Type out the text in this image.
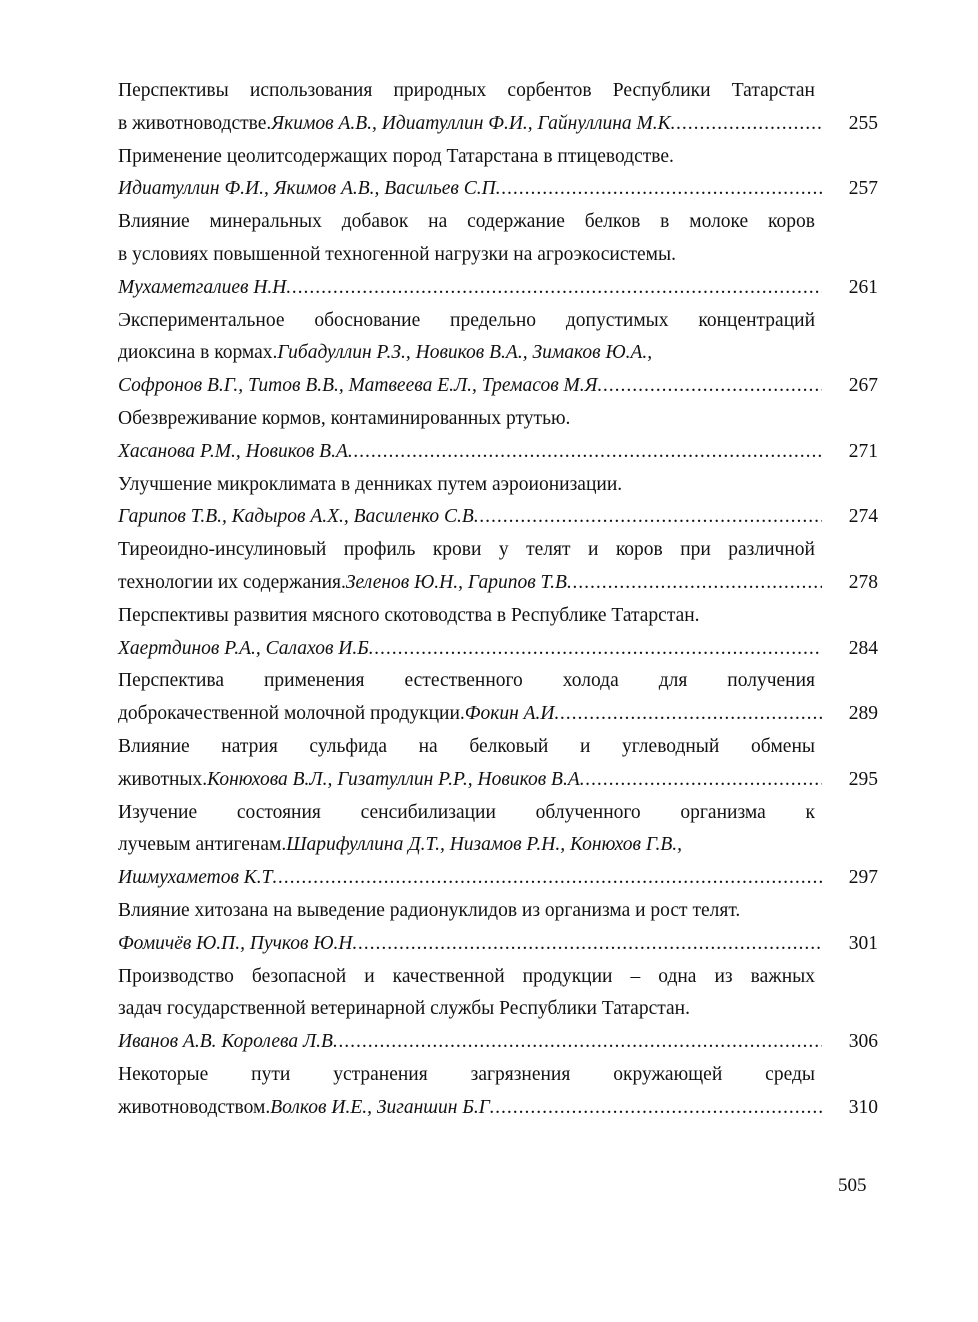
Перспективы использования природных сорбентов Республики Татарстан
в животноводстве. Якимов А.В., Идиатуллин Ф.И., Гайнуллина М.К .....	255
Применение цеолитсодержащих пород Татарстана в птицеводстве.
Идиатуллин Ф.И., Якимов А.В., Васильев С.П .....	257
Влияние минеральных добавок на содержание белков в молоке коров
в условиях повышенной техногенной нагрузки на агроэкосистемы.
Мухаметгалиев Н.Н .....	261
Экспериментальное обоснование предельно допустимых концентраций
диоксина в кормах. Гибадуллин Р.З., Новиков В.А., Зимаков Ю.А.,
Софронов В.Г., Титов В.В., Матвеева Е.Л., Тремасов М.Я .....	267
Обезвреживание кормов, контаминированных ртутью.
Хасанова Р.М., Новиков В.А .....	271
Улучшение микроклимата в денниках путем аэроионизации.
Гарипов Т.В., Кадыров А.Х., Василенко С.В .....	274
Тиреоидно-инсулиновый профиль крови у телят и коров при различной
технологии их содержания. Зеленов Ю.Н., Гарипов Т.В .....	278
Перспективы развития мясного скотоводства в Республике Татарстан.
Хаертдинов Р.А., Салахов И.Б .....	284
Перспектива применения естественного холода для получения
доброкачественной молочной продукции. Фокин А.И .....	289
Влияние натрия сульфида на белковый и углеводный обмены
животных. Конюхова В.Л., Гизатуллин Р.Р., Новиков В.А .....	295
Изучение состояния сенсибилизации облученного организма к
лучевым антигенам. Шарифуллина Д.Т., Низамов Р.Н., Конюхов Г.В.,
Ишмухаметов К.Т .....	297
Влияние хитозана на выведение радионуклидов из организма и рост телят.
Фомичёв Ю.П., Пучков Ю.Н .....	301
Производство безопасной и качественной продукции – одна из важных
задач государственной ветеринарной службы Республики Татарстан.
Иванов А.В. Королева Л.В .....	306
Некоторые пути устранения загрязнения окружающей среды
животноводством. Волков И.Е., Зиганшин Б.Г .....	310
505
